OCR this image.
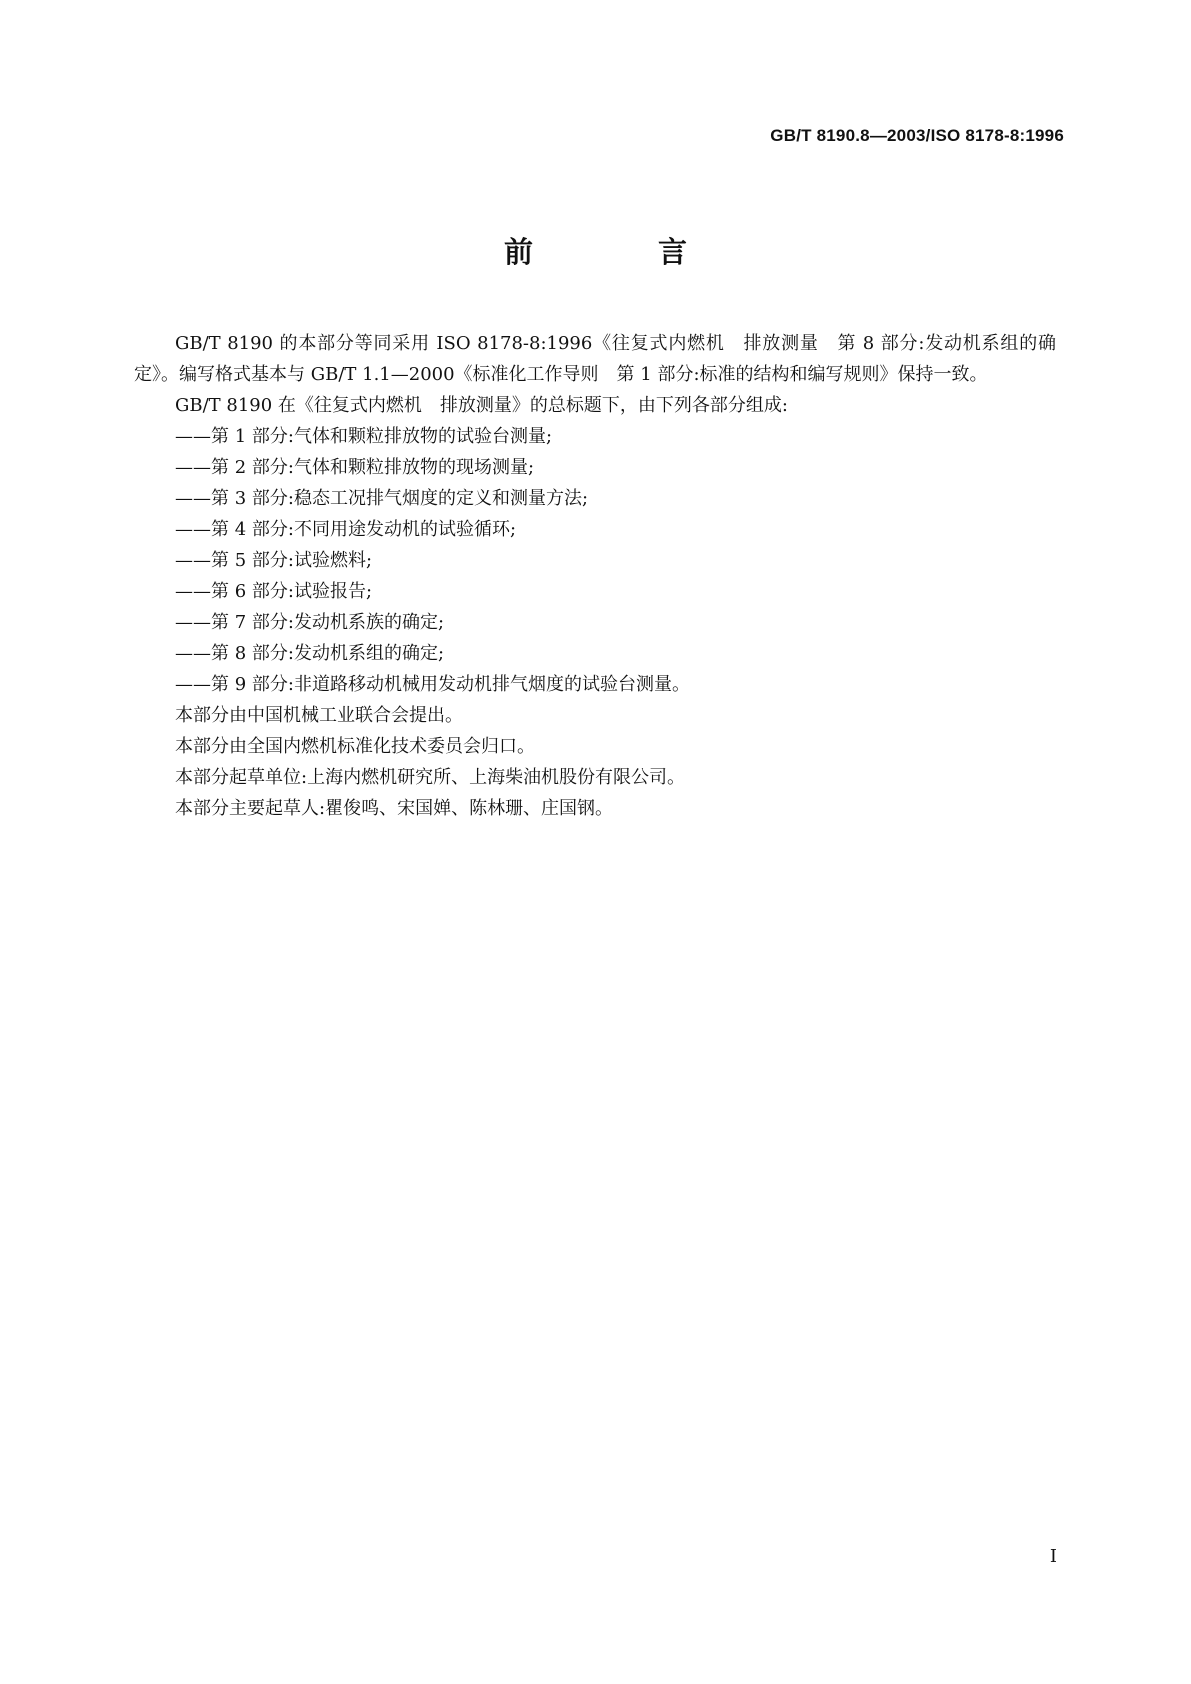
GB/T 8190.8—2003/ISO 8178-8:1996
前　言

GB/T 8190 的本部分等同采用 ISO 8178-8:1996《往复式内燃机　排放测量　第 8 部分:发动机系组的确定》。编写格式基本与 GB/T 1.1—2000《标准化工作导则　第 1 部分:标准的结构和编写规则》保持一致。

GB/T 8190 在《往复式内燃机　排放测量》的总标题下，由下列各部分组成:

——第 1 部分:气体和颗粒排放物的试验台测量;

——第 2 部分:气体和颗粒排放物的现场测量;

——第 3 部分:稳态工况排气烟度的定义和测量方法;

——第 4 部分:不同用途发动机的试验循环;

——第 5 部分:试验燃料;

——第 6 部分:试验报告;

——第 7 部分:发动机系族的确定;

——第 8 部分:发动机系组的确定;

——第 9 部分:非道路移动机械用发动机排气烟度的试验台测量。

本部分由中国机械工业联合会提出。

本部分由全国内燃机标准化技术委员会归口。

本部分起草单位:上海内燃机研究所、上海柴油机股份有限公司。

本部分主要起草人:瞿俊鸣、宋国婵、陈林珊、庄国钢。

I
